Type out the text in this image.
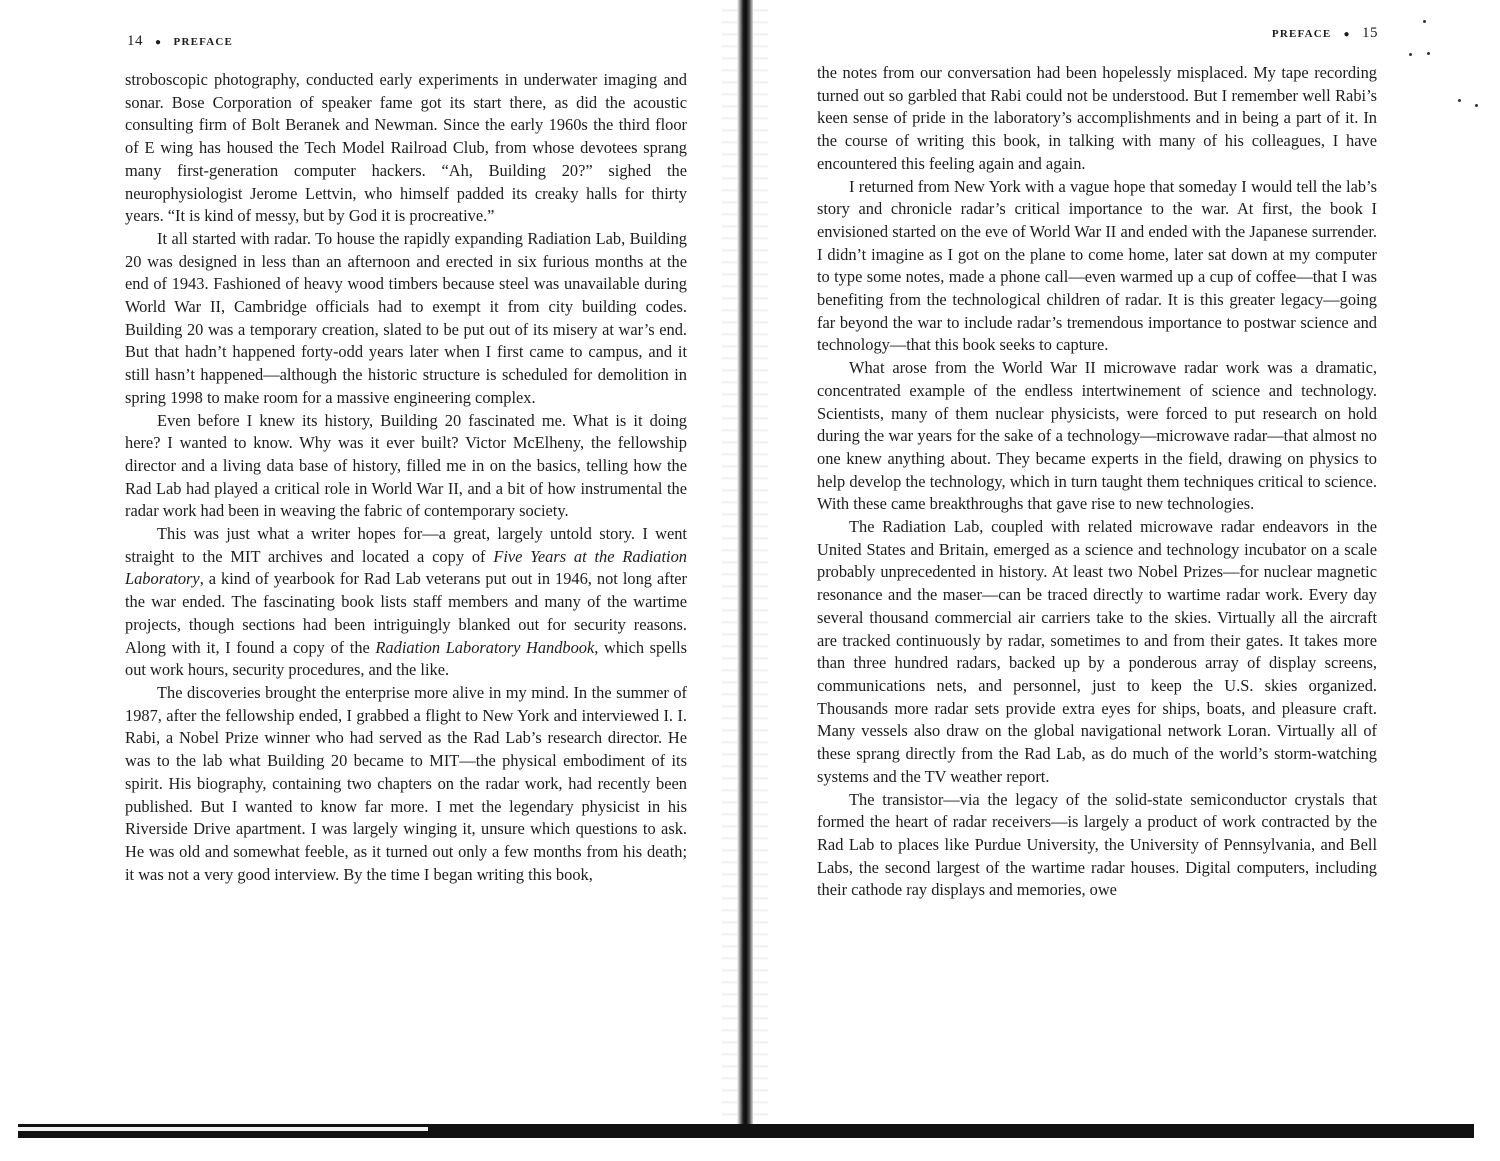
14 ● PREFACE

stroboscopic photography, conducted early experiments in underwater imaging and sonar. Bose Corporation of speaker fame got its start there, as did the acoustic consulting firm of Bolt Beranek and Newman. Since the early 1960s the third floor of E wing has housed the Tech Model Railroad Club, from whose devotees sprang many first-generation computer hackers. “Ah, Building 20?” sighed the neurophysiologist Jerome Lettvin, who himself padded its creaky halls for thirty years. “It is kind of messy, but by God it is procreative.”

It all started with radar. To house the rapidly expanding Radiation Lab, Building 20 was designed in less than an afternoon and erected in six furious months at the end of 1943. Fashioned of heavy wood timbers because steel was unavailable during World War II, Cambridge officials had to exempt it from city building codes. Building 20 was a temporary creation, slated to be put out of its misery at war’s end. But that hadn’t happened forty-odd years later when I first came to campus, and it still hasn’t happened—although the historic structure is scheduled for demolition in spring 1998 to make room for a massive engineering complex.

Even before I knew its history, Building 20 fascinated me. What is it doing here? I wanted to know. Why was it ever built? Victor McElheny, the fellowship director and a living data base of history, filled me in on the basics, telling how the Rad Lab had played a critical role in World War II, and a bit of how instrumental the radar work had been in weaving the fabric of contemporary society.

This was just what a writer hopes for—a great, largely untold story. I went straight to the MIT archives and located a copy of Five Years at the Radiation Laboratory, a kind of yearbook for Rad Lab veterans put out in 1946, not long after the war ended. The fascinating book lists staff members and many of the wartime projects, though sections had been intriguingly blanked out for security reasons. Along with it, I found a copy of the Radiation Laboratory Handbook, which spells out work hours, security procedures, and the like.

The discoveries brought the enterprise more alive in my mind. In the summer of 1987, after the fellowship ended, I grabbed a flight to New York and interviewed I. I. Rabi, a Nobel Prize winner who had served as the Rad Lab’s research director. He was to the lab what Building 20 became to MIT—the physical embodiment of its spirit. His biography, containing two chapters on the radar work, had recently been published. But I wanted to know far more. I met the legendary physicist in his Riverside Drive apartment. I was largely winging it, unsure which questions to ask. He was old and somewhat feeble, as it turned out only a few months from his death; it was not a very good interview. By the time I began writing this book,

PREFACE ● 15

the notes from our conversation had been hopelessly misplaced. My tape recording turned out so garbled that Rabi could not be understood. But I remember well Rabi’s keen sense of pride in the laboratory’s accomplishments and in being a part of it. In the course of writing this book, in talking with many of his colleagues, I have encountered this feeling again and again.

I returned from New York with a vague hope that someday I would tell the lab’s story and chronicle radar’s critical importance to the war. At first, the book I envisioned started on the eve of World War II and ended with the Japanese surrender. I didn’t imagine as I got on the plane to come home, later sat down at my computer to type some notes, made a phone call—even warmed up a cup of coffee—that I was benefiting from the technological children of radar. It is this greater legacy—going far beyond the war to include radar’s tremendous importance to postwar science and technology—that this book seeks to capture.

What arose from the World War II microwave radar work was a dramatic, concentrated example of the endless intertwinement of science and technology. Scientists, many of them nuclear physicists, were forced to put research on hold during the war years for the sake of a technology—microwave radar—that almost no one knew anything about. They became experts in the field, drawing on physics to help develop the technology, which in turn taught them techniques critical to science. With these came breakthroughs that gave rise to new technologies.

The Radiation Lab, coupled with related microwave radar endeavors in the United States and Britain, emerged as a science and technology incubator on a scale probably unprecedented in history. At least two Nobel Prizes—for nuclear magnetic resonance and the maser—can be traced directly to wartime radar work. Every day several thousand commercial air carriers take to the skies. Virtually all the aircraft are tracked continuously by radar, sometimes to and from their gates. It takes more than three hundred radars, backed up by a ponderous array of display screens, communications nets, and personnel, just to keep the U.S. skies organized. Thousands more radar sets provide extra eyes for ships, boats, and pleasure craft. Many vessels also draw on the global navigational network Loran. Virtually all of these sprang directly from the Rad Lab, as do much of the world’s storm-watching systems and the TV weather report.

The transistor—via the legacy of the solid-state semiconductor crystals that formed the heart of radar receivers—is largely a product of work contracted by the Rad Lab to places like Purdue University, the University of Pennsylvania, and Bell Labs, the second largest of the wartime radar houses. Digital computers, including their cathode ray displays and memories, owe
